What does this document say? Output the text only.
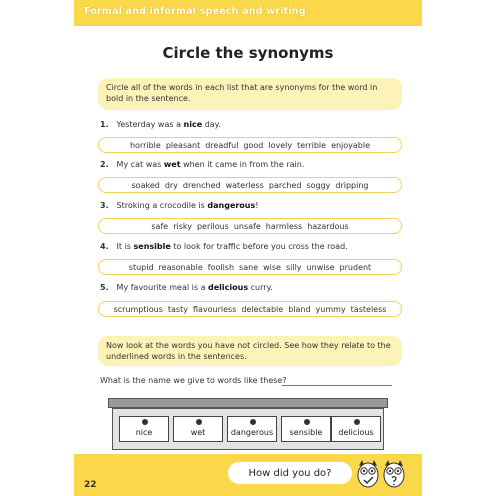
Formal and informal speech and writing
Circle the synonyms
Circle all of the words in each list that are synonyms for the word in bold in the sentence.
1. Yesterday was a nice day.
horrible pleasant dreadful good lovely terrible enjoyable
2. My cat was wet when it came in from the rain.
soaked dry drenched waterless parched soggy dripping
3. Stroking a crocodile is dangerous!
safe risky perilous unsafe harmless hazardous
4. It is sensible to look for traffic before you cross the road.
stupid reasonable foolish sane wise silly unwise prudent
5. My favourite meal is a delicious curry.
scrumptious tasty flavourless delectable bland yummy tasteless
Now look at the words you have not circled. See how they relate to the underlined words in the sentences.
What is the name we give to words like these?
nice	wet	dangerous sensible delicious
22
How did you do?
